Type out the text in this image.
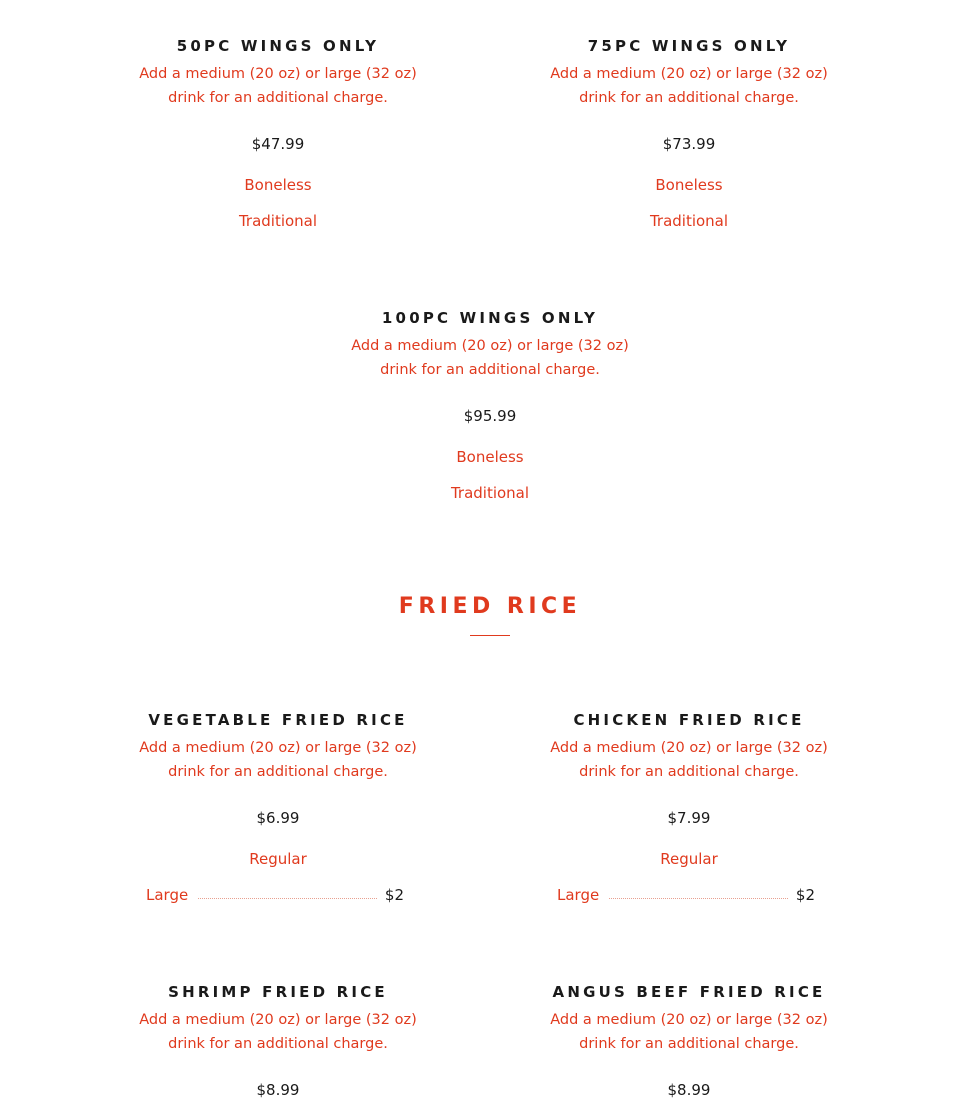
50PC WINGS ONLY
Add a medium (20 oz) or large (32 oz) drink for an additional charge.
$47.99
Boneless
Traditional
75PC WINGS ONLY
Add a medium (20 oz) or large (32 oz) drink for an additional charge.
$73.99
Boneless
Traditional
100PC WINGS ONLY
Add a medium (20 oz) or large (32 oz) drink for an additional charge.
$95.99
Boneless
Traditional
FRIED RICE
VEGETABLE FRIED RICE
Add a medium (20 oz) or large (32 oz) drink for an additional charge.
$6.99
Regular
Large	$2
CHICKEN FRIED RICE
Add a medium (20 oz) or large (32 oz) drink for an additional charge.
$7.99
Regular
Large	$2
SHRIMP FRIED RICE
Add a medium (20 oz) or large (32 oz) drink for an additional charge.
$8.99
ANGUS BEEF FRIED RICE
Add a medium (20 oz) or large (32 oz) drink for an additional charge.
$8.99
